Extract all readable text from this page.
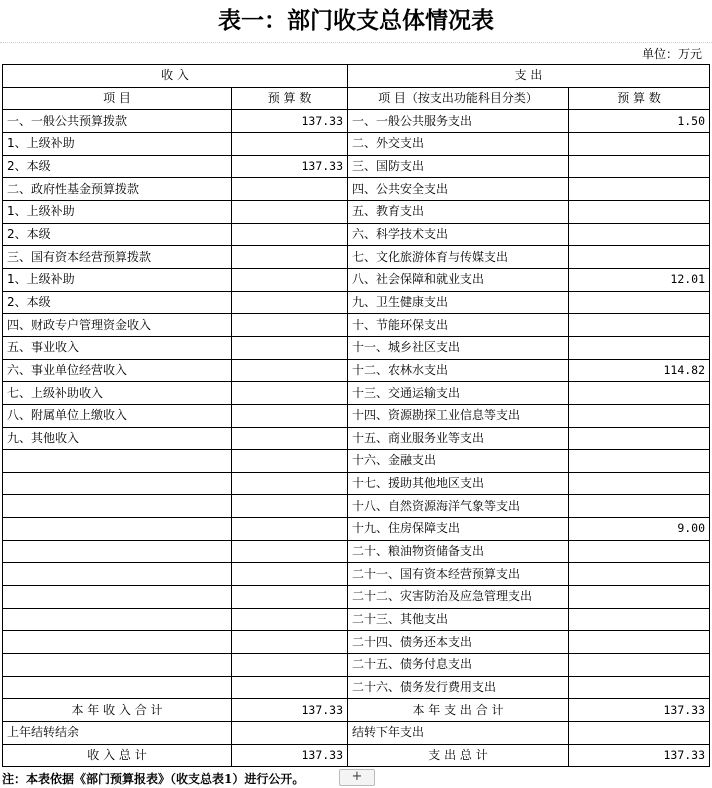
表一：部门收支总体情况表
单位：万元
收 入		支 出	
项 目	预 算 数	项 目（按支出功能科目分类）	预 算 数
一、一般公共预算拨款	137.33	一、一般公共服务支出	1.50
1、上级补助		二、外交支出	
2、本级	137.33	三、国防支出	
二、政府性基金预算拨款		四、公共安全支出	
1、上级补助		五、教育支出	
2、本级		六、科学技术支出	
三、国有资本经营预算拨款		七、文化旅游体育与传媒支出	
1、上级补助		八、社会保障和就业支出	12.01
2、本级		九、卫生健康支出	
四、财政专户管理资金收入		十、节能环保支出	
五、事业收入		十一、城乡社区支出	
六、事业单位经营收入		十二、农林水支出	114.82
七、上级补助收入		十三、交通运输支出	
八、附属单位上缴收入		十四、资源勘探工业信息等支出	
九、其他收入		十五、商业服务业等支出	
		十六、金融支出	
		十七、援助其他地区支出	
		十八、自然资源海洋气象等支出	
		十九、住房保障支出	9.00
		二十、粮油物资储备支出	
		二十一、国有资本经营预算支出	
		二十二、灾害防治及应急管理支出	
		二十三、其他支出	
		二十四、债务还本支出	
		二十五、债务付息支出	
		二十六、债务发行费用支出	
本 年 收 入 合 计	137.33	本 年 支 出 合 计	137.33
上年结转结余		结转下年支出	
收 入 总 计	137.33	支 出 总 计	137.33
注：本表依据《部门预算报表》（收支总表1）进行公开。	+
